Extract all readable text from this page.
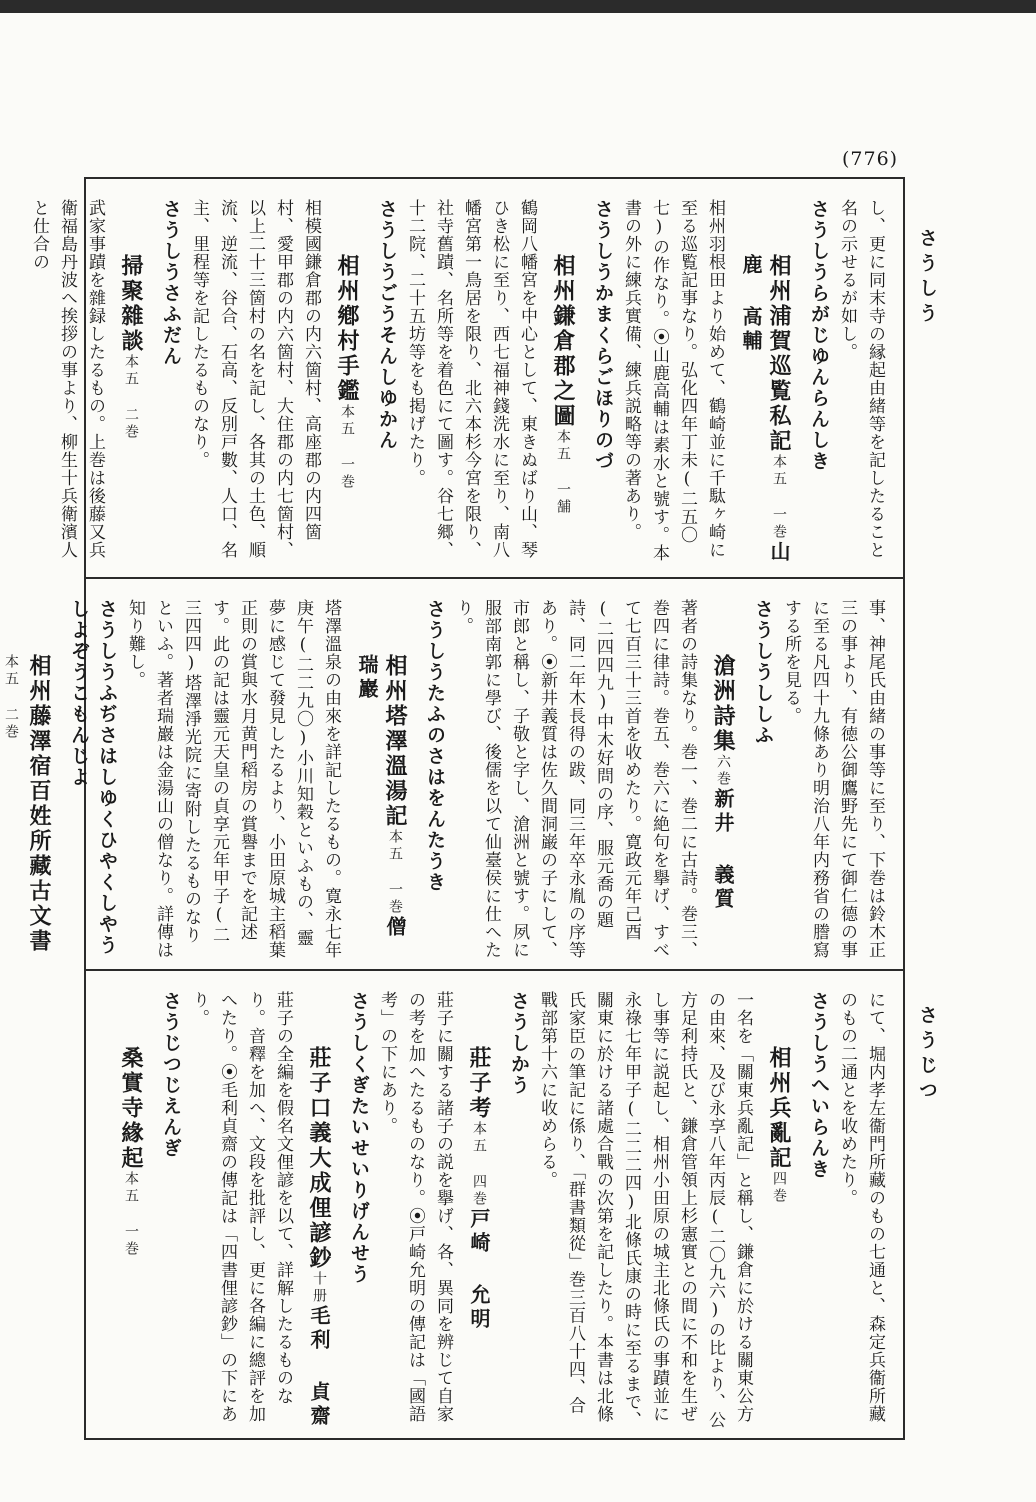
(776)
さうしう
さうじつ

し、更に同末寺の縁起由緒等を記したること名の示せるが如し。

さうしうらがじゆんらんしき

相州浦賀巡覧私記本五 一巻山鹿 高輔

相州羽根田より始めて、鶴崎並に千駄ヶ崎に至る巡覧記事なり。弘化四年丁未(二五〇七)の作なり。⦿山鹿高輔は素水と號す。本書の外に練兵實備、練兵説略等の著あり。

さうしうかまくらごほりのづ

相州鎌倉郡之圖本五 一舗

鶴岡八幡宮を中心として、東きぬばり山、琴ひき松に至り、西七福神錢洗水に至り、南八幡宮第一鳥居を限り、北六本杉今宮を限り、社寺舊蹟、名所等を着色にて圖す。谷七郷、十二院、二十五坊等をも掲げたり。

さうしうごうそんしゆかん

相州鄕村手鑑本五 一巻

相模國鎌倉郡の内六箇村、高座郡の内四箇村、愛甲郡の内六箇村、大住郡の内七箇村、以上二十三箇村の名を記し、各其の土色、順流、逆流、谷合、石高、反別戸數、人口、名主、里程等を記したるものなり。

さうしうさふだん

掃聚雜談本五 二巻

武家事蹟を雜録したるもの。上巻は後藤又兵衛福島丹波へ挨拶の事より、柳生十兵衛濱人と仕合の

事、神尾氏由緒の事等に至り、下巻は鈴木正三の事より、有徳公御鷹野先にて御仁德の事に至る凡四十九條あり明治八年内務省の謄寫する所を見る。

さうしうししふ

滄洲詩集六巻新井 義質

著者の詩集なり。巻一、巻二に古詩。巻三、巻四に律詩。巻五、巻六に絶句を擧げ、すべて七百三十三首を收めたり。寛政元年己酉(二四四九)中木好問の序、服元喬の題詩、同二年木長得の跋、同三年卒永胤の序等あり。⦿新井義質は佐久間洞巌の子にして、市郎と稱し、子敬と字し、滄洲と號す。夙に服部南郭に學び、後儒を以て仙臺侯に仕へたり。

さうしうたふのさはをんたうき

相州塔澤溫湯記本五 一巻僧 瑞巖

塔澤溫泉の由來を詳記したるもの。寛永七年庚午(二二九〇)小川知穀といふもの、靈夢に感じて發見したるより、小田原城主稻葉正則の賞與水月黄門稻房の賞譽までを記述す。此の記は靈元天皇の貞享元年甲子(二三四四)塔澤淨光院に寄附したるものなりといふ。著者瑞巖は金湯山の僧なり。詳傳は知り難し。

さうしうふぢさはしゆくひやくしやうしよぞうこもんじよ

相州藤澤宿百姓所藏古文書本五 二巻

にて、堀内孝左衞門所藏のもの七通と、森定兵衞所藏のもの二通とを收めたり。

さうしうへいらんき

相州兵亂記四巻

一名を「關東兵亂記」と稱し、鎌倉に於ける關東公方の由來、及び永享八年丙辰(二〇九六)の比より、公方足利持氏と、鎌倉管領上杉憲實との間に不和を生ぜし事等に説起し、相州小田原の城主北條氏の事蹟並に永祿七年甲子(二二二四)北條氏康の時に至るまで、關東に於ける諸處合戰の次第を記したり。本書は北條氏家臣の筆記に係り、「群書類從」巻三百八十四、合戰部第十六に收めらる。

さうしかう

莊子考本五 四巻戸崎 允明

莊子に關する諸子の説を擧げ、各、異同を辨じて自家の考を加へたるものなり。⦿戸崎允明の傳記は「國語考」の下にあり。

さうしくぎたいせいりげんせう

莊子口義大成俚諺鈔十册毛利 貞齋

莊子の全編を假名文俚諺を以て、詳解したるものなり。音釋を加へ、文段を批評し、更に各編に總評を加へたり。⦿毛利貞齋の傳記は「四書俚諺鈔」の下にあり。

さうじつじえんぎ

桑實寺緣起本五 一巻
